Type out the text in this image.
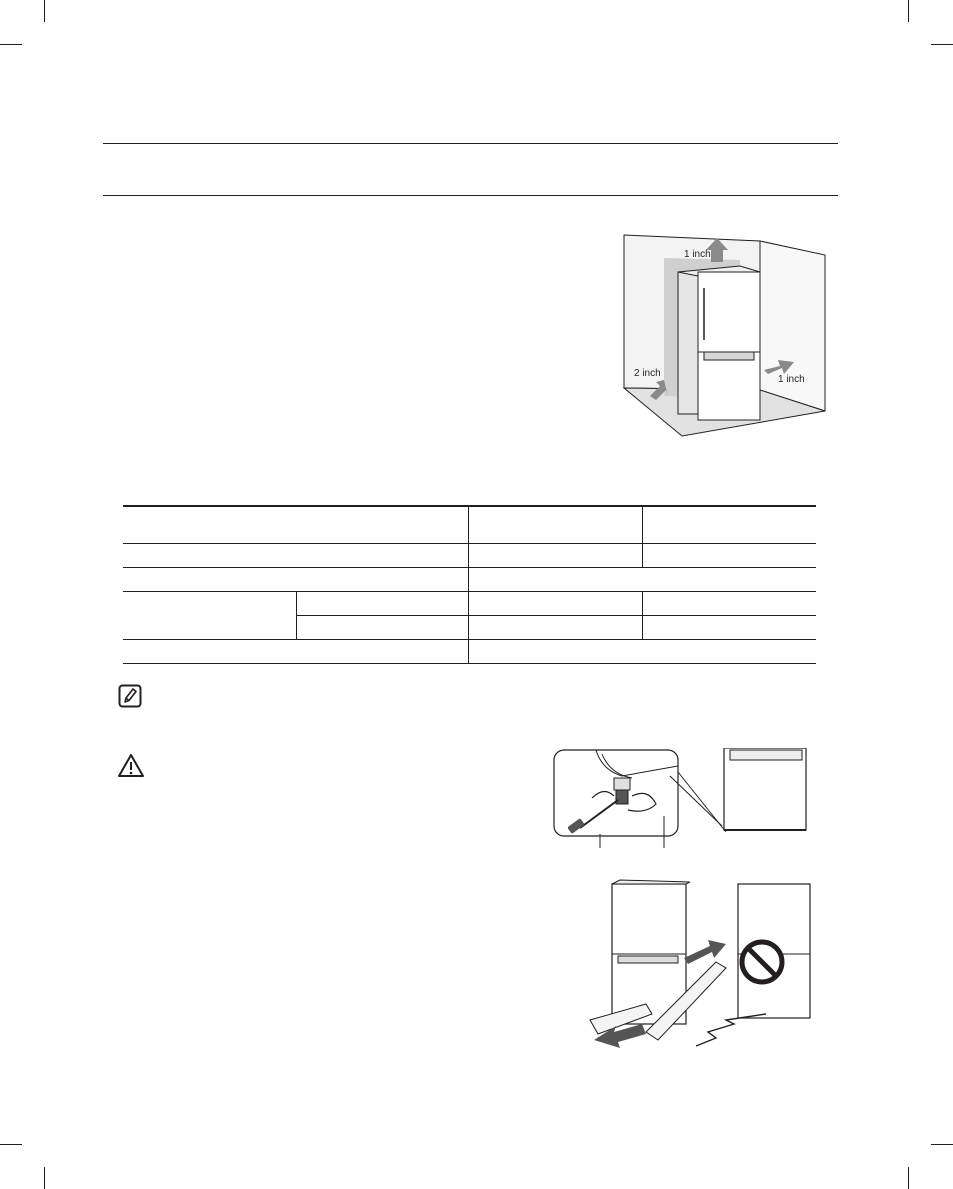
1 inch
2 inch
1 inch
